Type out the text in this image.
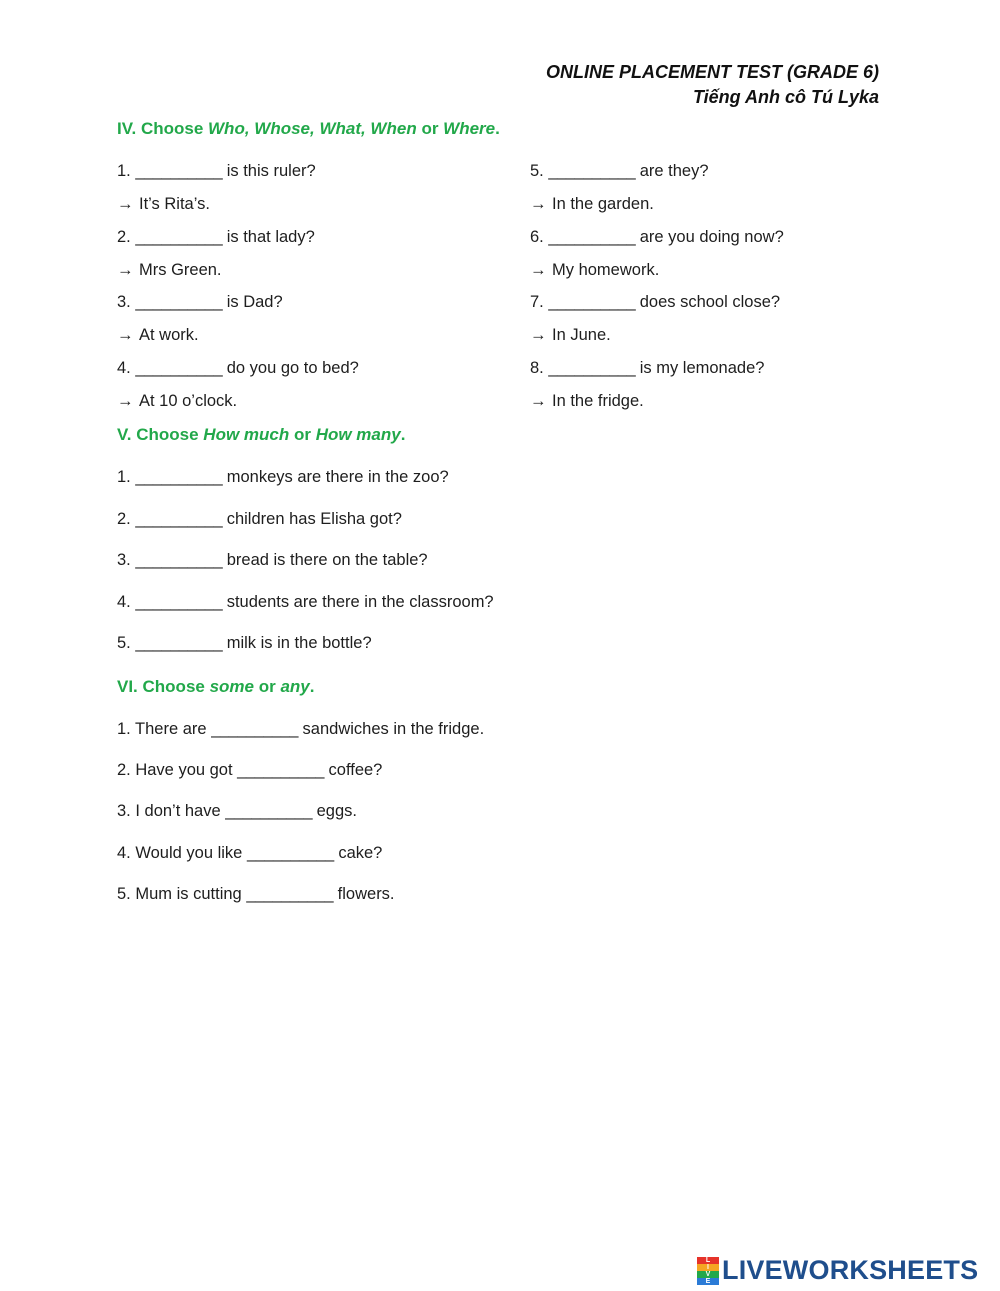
ONLINE PLACEMENT TEST (GRADE 6)
Tiếng Anh cô Tú Lyka
IV. Choose Who, Whose, What, When or Where.
1. __________ is this ruler?
→ It’s Rita’s.
2. __________ is that lady?
→ Mrs Green.
3. __________ is Dad?
→ At work.
4. __________ do you go to bed?
→ At 10 o’clock.
5. __________ are they?
→ In the garden.
6. __________ are you doing now?
→ My homework.
7. __________ does school close?
→ In June.
8. __________ is my lemonade?
→ In the fridge.
V. Choose How much or How many.
1. __________ monkeys are there in the zoo?
2. __________ children has Elisha got?
3. __________ bread is there on the table?
4. __________ students are there in the classroom?
5. __________ milk is in the bottle?
VI. Choose some or any.
1. There are __________ sandwiches in the fridge.
2. Have you got __________ coffee?
3. I don’t have __________ eggs.
4. Would you like __________ cake?
5. Mum is cutting __________ flowers.
L
I
V
E LIVEWORKSHEETS
